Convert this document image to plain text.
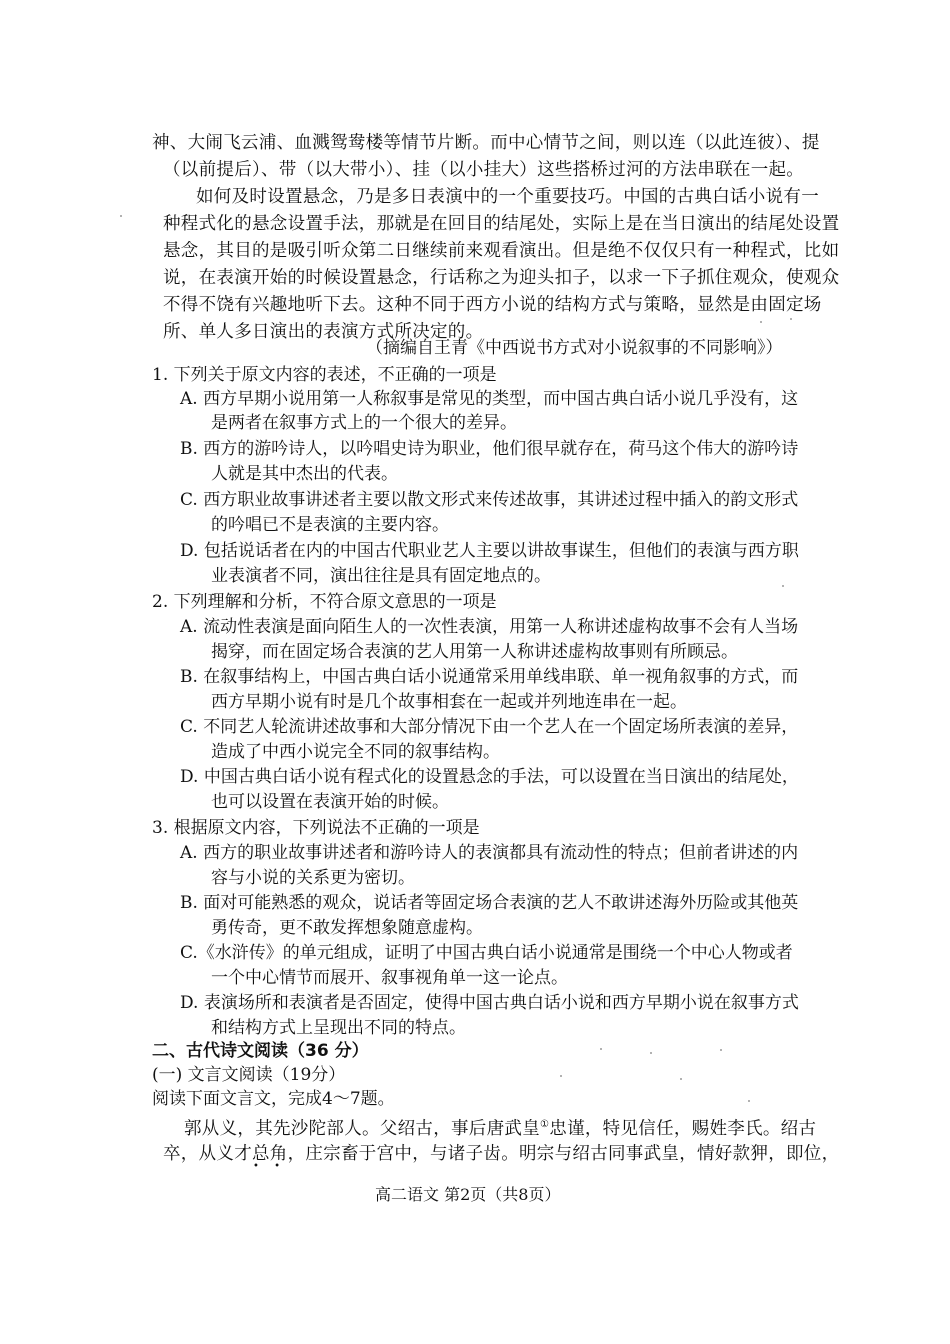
神、大闹飞云浦、血溅鸳鸯楼等情节片断。而中心情节之间，则以连（以此连彼）、提
（以前提后）、带（以大带小）、挂（以小挂大）这些搭桥过河的方法串联在一起。
如何及时设置悬念，乃是多日表演中的一个重要技巧。中国的古典白话小说有一
种程式化的悬念设置手法，那就是在回目的结尾处，实际上是在当日演出的结尾处设置
悬念，其目的是吸引听众第二日继续前来观看演出。但是绝不仅仅只有一种程式，比如
说，在表演开始的时候设置悬念，行话称之为迎头扣子，以求一下子抓住观众，使观众
不得不饶有兴趣地听下去。这种不同于西方小说的结构方式与策略，显然是由固定场
所、单人多日演出的表演方式所决定的。
（摘编自王青《中西说书方式对小说叙事的不同影响》）
1. 下列关于原文内容的表述，不正确的一项是
A. 西方早期小说用第一人称叙事是常见的类型，而中国古典白话小说几乎没有，这
是两者在叙事方式上的一个很大的差异。
B. 西方的游吟诗人，以吟唱史诗为职业，他们很早就存在，荷马这个伟大的游吟诗
人就是其中杰出的代表。
C. 西方职业故事讲述者主要以散文形式来传述故事，其讲述过程中插入的韵文形式
的吟唱已不是表演的主要内容。
D. 包括说话者在内的中国古代职业艺人主要以讲故事谋生，但他们的表演与西方职
业表演者不同，演出往往是具有固定地点的。
2. 下列理解和分析，不符合原文意思的一项是
A. 流动性表演是面向陌生人的一次性表演，用第一人称讲述虚构故事不会有人当场
揭穿，而在固定场合表演的艺人用第一人称讲述虚构故事则有所顾忌。
B. 在叙事结构上，中国古典白话小说通常采用单线串联、单一视角叙事的方式，而
西方早期小说有时是几个故事相套在一起或并列地连串在一起。
C. 不同艺人轮流讲述故事和大部分情况下由一个艺人在一个固定场所表演的差异，
造成了中西小说完全不同的叙事结构。
D. 中国古典白话小说有程式化的设置悬念的手法，可以设置在当日演出的结尾处，
也可以设置在表演开始的时候。
3. 根据原文内容，下列说法不正确的一项是
A. 西方的职业故事讲述者和游吟诗人的表演都具有流动性的特点；但前者讲述的内
容与小说的关系更为密切。
B. 面对可能熟悉的观众，说话者等固定场合表演的艺人不敢讲述海外历险或其他英
勇传奇，更不敢发挥想象随意虚构。
C.《水浒传》的单元组成，证明了中国古典白话小说通常是围绕一个中心人物或者
一个中心情节而展开、叙事视角单一这一论点。
D. 表演场所和表演者是否固定，使得中国古典白话小说和西方早期小说在叙事方式
和结构方式上呈现出不同的特点。
二、古代诗文阅读（36 分）
(一) 文言文阅读（19分）
阅读下面文言文，完成4～7题。
郭从义，其先沙陀部人。父绍古，事后唐武皇①忠谨，特见信任，赐姓李氏。绍古
卒，从义才总角，庄宗畜于宫中，与诸子齿。明宗与绍古同事武皇，情好款狎，即位，
• •
高二语文 第2页（共8页）
